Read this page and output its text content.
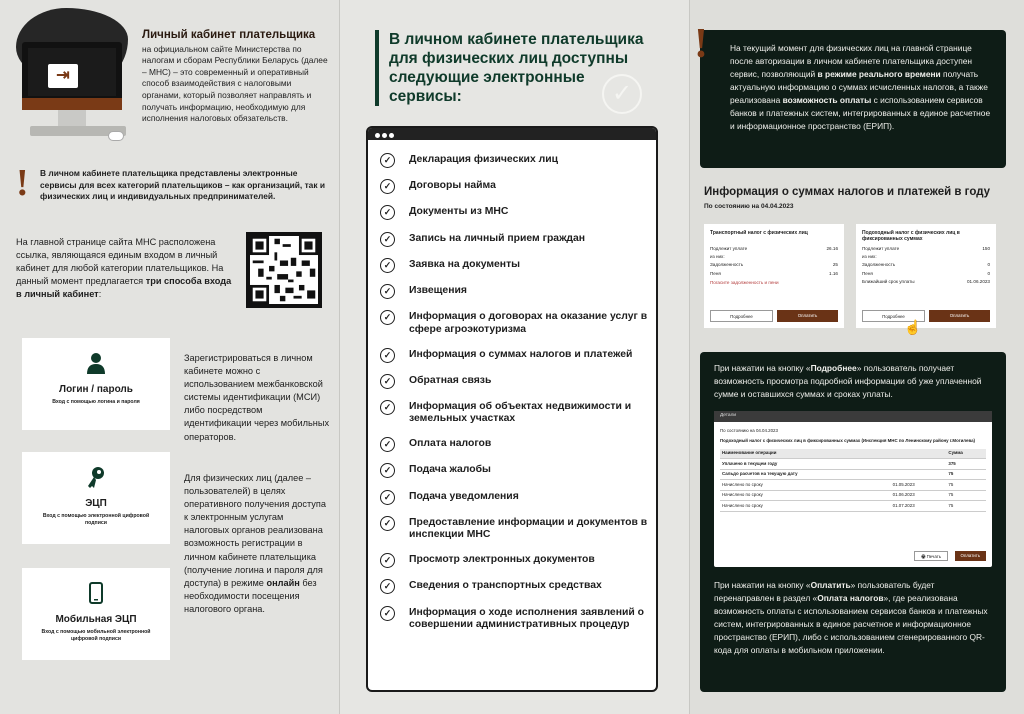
⇥
Личный кабинет плательщика
на официальном сайте Министерства по налогам и сборам Республики Беларусь (далее – МНС) – это современный и оперативный способ взаимодействия с налоговыми органами, который позволяет направлять и получать информацию, необходимую для исполнения налоговых обязательств.
! В личном кабинете плательщика представлены электронные сервисы для всех категорий плательщиков – как организаций, так и физических лиц и индивидуальных предпринимателей.
На главной странице сайта МНС расположена ссылка, являющаяся единым входом в личный кабинет для любой категории плательщиков. На данный момент предлагается три способа входа в личный кабинет:
Логин / пароль
Вход с помощью логина и пароля
ЭЦП
Вход с помощью электронной цифровой подписи
Мобильная ЭЦП
Вход с помощью мобильной электронной цифровой подписи
Зарегистрироваться в личном кабинете можно с использованием межбанковской системы идентификации (МСИ) либо посредством идентификации через мобильных операторов.
Для физических лиц (далее – пользователей) в целях оперативного получения доступа к электронным услугам налоговых органов реализована возможность регистрации в личном кабинете плательщика (получение логина и пароля для доступа) в режиме онлайн без необходимости посещения налогового органа.
В личном кабинете плательщика для физических лиц доступны следующие электронные сервисы:	✓
✓	Декларация физических лиц
✓	Договоры найма
✓	Документы из МНС
✓	Запись на личный прием граждан
✓	Заявка на документы
✓	Извещения
✓	Информация о договорах на оказание услуг в сфере агроэкотуризма
✓	Информация о суммах налогов и платежей
✓	Обратная связь
✓	Информация об объектах недвижимости и земельных участках
✓	Оплата налогов
✓	Подача жалобы
✓	Подача уведомления
✓	Предоставление информации и документов в инспекции МНС
✓	Просмотр электронных документов
✓	Сведения о транспортных средствах
✓	Информация о ходе исполнения заявлений о совершении административных процедур
На текущий момент для физических лиц на главной странице после авторизации в личном кабинете плательщика доступен сервис, позволяющий в режиме реального времени получать актуальную информацию о суммах исчисленных налогов, а также реализована возможность оплаты с использованием сервисов банков и платежных систем, интегрированных в единое расчетное и информационное пространство (ЕРИП).
!
Информация о суммах налогов и платежей в году
По состоянию на 04.04.2023
Транспортный налог с физических лиц
Подлежит уплате	26.16
из них:
Задолженность	25
Пеня	1.16
Погасите задолженность и пени
Подробнее	Оплатить
Подоходный налог с физических лиц в фиксированных суммах
Подлежит уплате	150
из них:
Задолженность	0
Пеня	0
Ближайший срок уплаты	01.06.2023
Подробнее	Оплатить
☝
При нажатии на кнопку «Подробнее» пользователь получает возможность просмотра подробной информации об уже уплаченной сумме и оставшихся суммах и сроках уплаты.
Детали
По состоянию на 04.04.2023
Подоходный налог с физических лиц в фиксированных суммах (Инспекция МНС по Ленинскому району г.Могилева)
Наименование операции		Сумма
Уплачено в текущем году		375
Сальдо расчетов на текущую дату		75
Начислено по сроку	01.05.2023	75
Начислено по сроку	01.06.2023	75
Начислено по сроку	01.07.2023	75
🖶 Печать	Оплатить
При нажатии на кнопку «Оплатить» пользователь будет перенаправлен в раздел «Оплата налогов», где реализована возможность оплаты с использованием сервисов банков и платежных систем, интегрированных в единое расчетное и информационное пространство (ЕРИП), либо с использованием сгенерированного QR-кода для оплаты в мобильном приложении.
